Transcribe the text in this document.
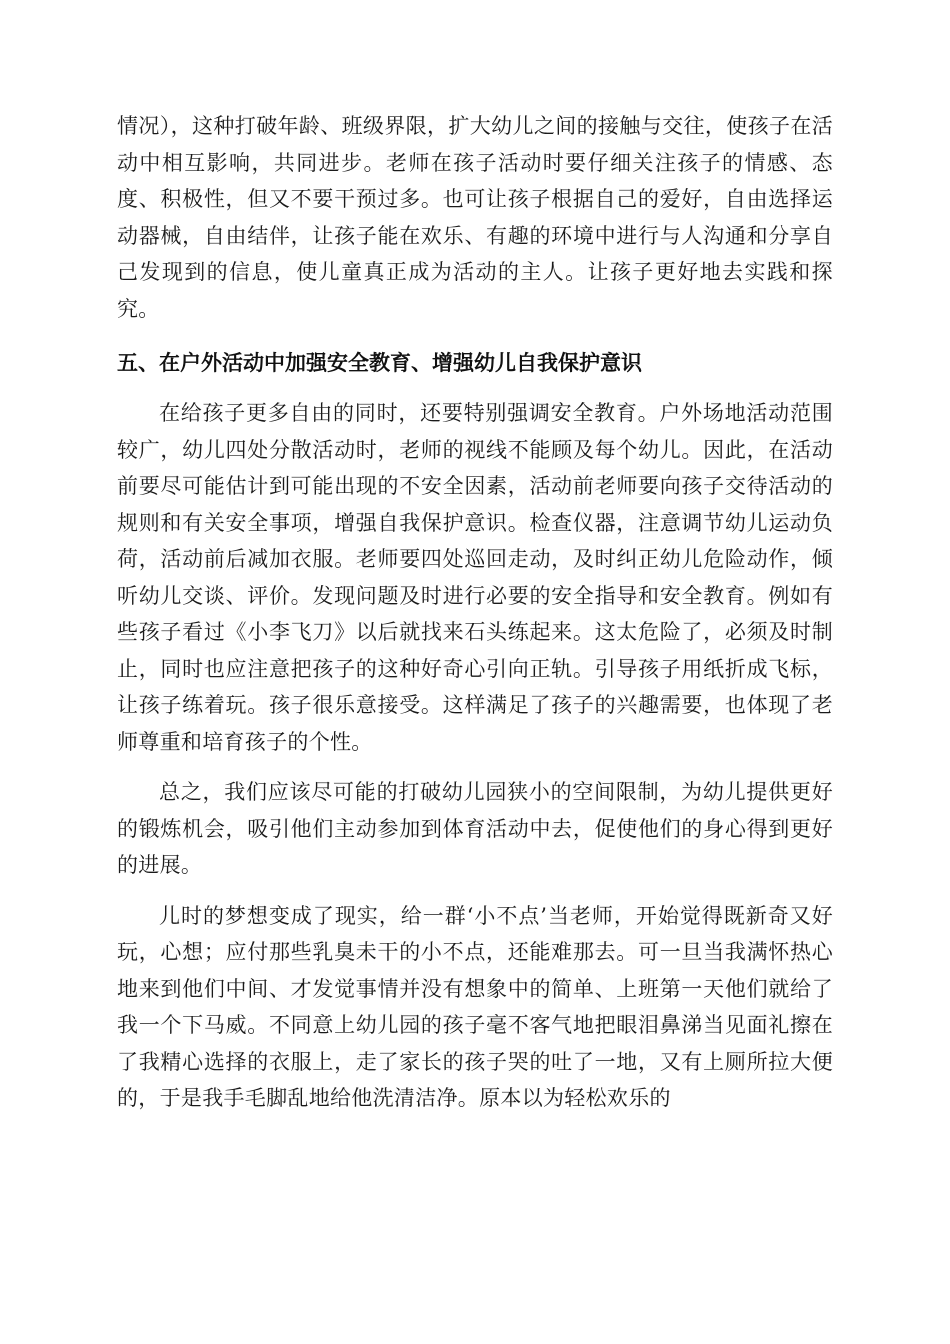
情况），这种打破年龄、班级界限，扩大幼儿之间的接触与交往，使孩子在活动中相互影响，共同进步。老师在孩子活动时要仔细关注孩子的情感、态度、积极性，但又不要干预过多。也可让孩子根据自己的爱好，自由选择运动器械，自由结伴，让孩子能在欢乐、有趣的环境中进行与人沟通和分享自己发现到的信息，使儿童真正成为活动的主人。让孩子更好地去实践和探究。

五、在户外活动中加强安全教育、增强幼儿自我保护意识

在给孩子更多自由的同时，还要特别强调安全教育。户外场地活动范围较广，幼儿四处分散活动时，老师的视线不能顾及每个幼儿。因此，在活动前要尽可能估计到可能出现的不安全因素，活动前老师要向孩子交待活动的规则和有关安全事项，增强自我保护意识。检查仪器，注意调节幼儿运动负荷，活动前后减加衣服。老师要四处巡回走动，及时纠正幼儿危险动作，倾听幼儿交谈、评价。发现问题及时进行必要的安全指导和安全教育。例如有些孩子看过《小李飞刀》以后就找来石头练起来。这太危险了，必须及时制止，同时也应注意把孩子的这种好奇心引向正轨。引导孩子用纸折成飞标，让孩子练着玩。孩子很乐意接受。这样满足了孩子的兴趣需要，也体现了老师尊重和培育孩子的个性。

总之，我们应该尽可能的打破幼儿园狭小的空间限制，为幼儿提供更好的锻炼机会，吸引他们主动参加到体育活动中去，促使他们的身心得到更好的进展。

儿时的梦想变成了现实，给一群‘小不点’当老师，开始觉得既新奇又好玩，心想；应付那些乳臭未干的小不点，还能难那去。可一旦当我满怀热心地来到他们中间、才发觉事情并没有想象中的简单、上班第一天他们就给了我一个下马威。不同意上幼儿园的孩子毫不客气地把眼泪鼻涕当见面礼擦在了我精心选择的衣服上，走了家长的孩子哭的吐了一地，又有上厕所拉大便的，于是我手毛脚乱地给他洗清洁净。原本以为轻松欢乐的
